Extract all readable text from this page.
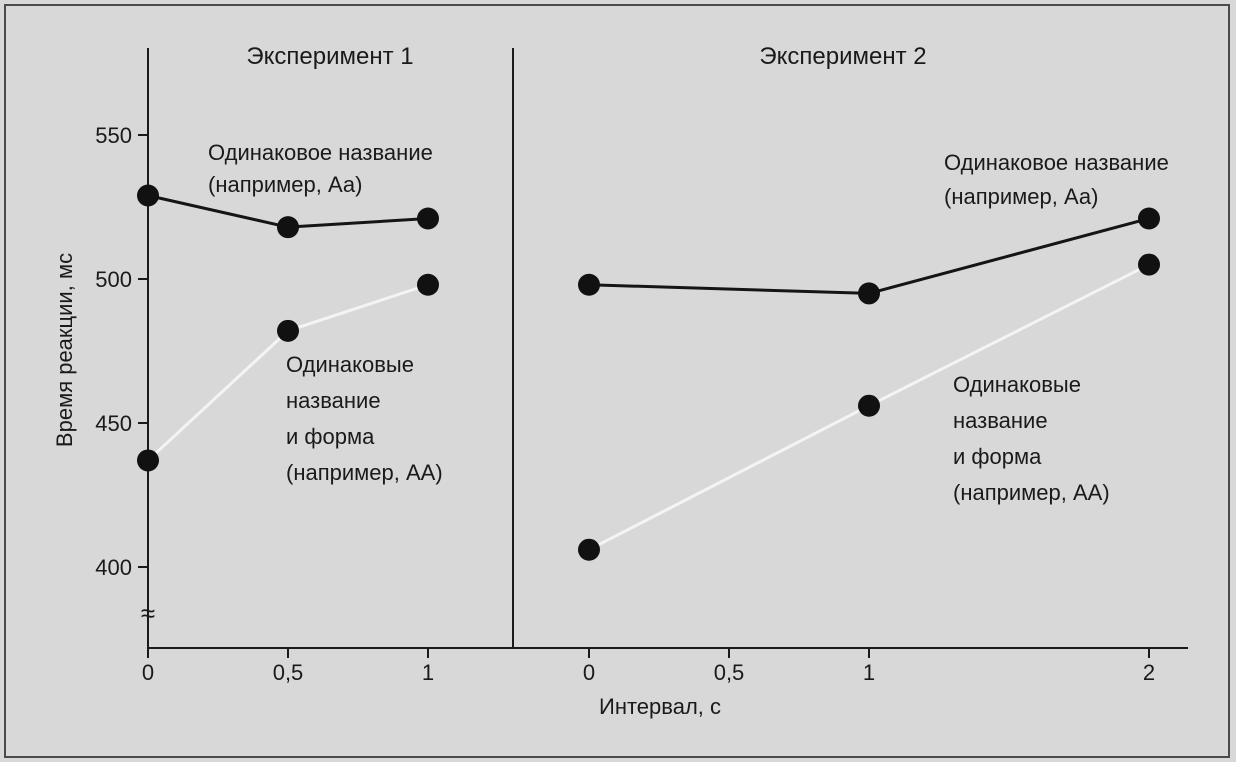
≈
400
450
500
550
0	0,5	1	0	0,5	1	2
Интервал, с
Время реакции, мс
Эксперимент 1	Эксперимент 2
Одинаковое название
(например, Аа)
Одинаковые
название
и форма
(например, АА)
Одинаковое название
(например, Аа)
Одинаковые
название
и форма
(например, АА)
